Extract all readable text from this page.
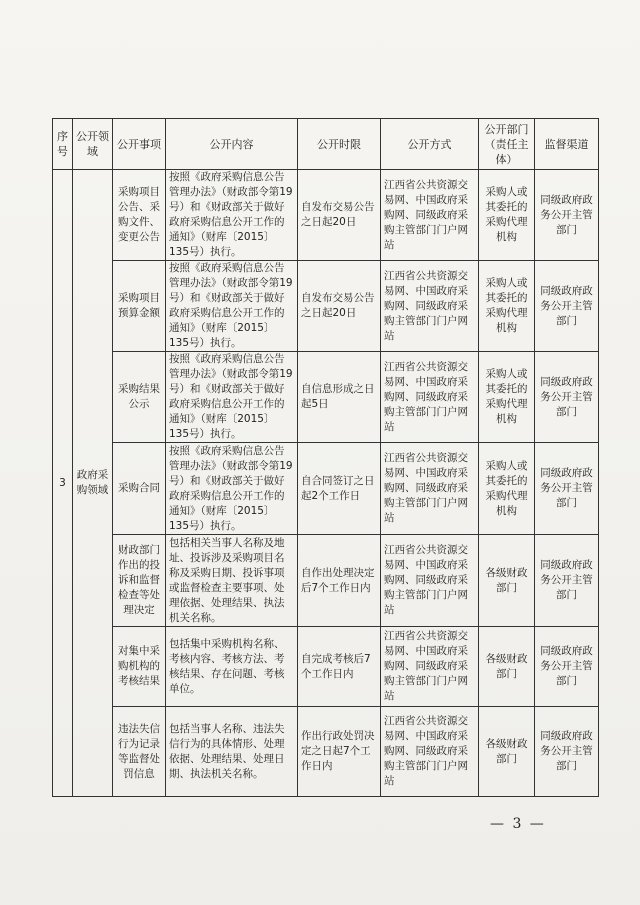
序号	公开领域	公开事项	公开内容	公开时限	公开方式	公开部门（责任主体）	监督渠道
3	政府采购领域	采购项目公告、采购文件、变更公告	按照《政府采购信息公告管理办法》（财政部令第19号）和《财政部关于做好政府采购信息公开工作的通知》（财库〔2015〕135号）执行。	自发布交易公告之日起20日	江西省公共资源交易网、中国政府采购网、同级政府采购主管部门门户网站	采购人或其委托的采购代理机构	同级政府政务公开主管部门
		采购项目预算金额	按照《政府采购信息公告管理办法》（财政部令第19号）和《财政部关于做好政府采购信息公开工作的通知》（财库〔2015〕135号）执行。	自发布交易公告之日起20日	江西省公共资源交易网、中国政府采购网、同级政府采购主管部门门户网站	采购人或其委托的采购代理机构	同级政府政务公开主管部门
		采购结果公示	按照《政府采购信息公告管理办法》（财政部令第19号）和《财政部关于做好政府采购信息公开工作的通知》（财库〔2015〕135号）执行。	自信息形成之日起5日	江西省公共资源交易网、中国政府采购网、同级政府采购主管部门门户网站	采购人或其委托的采购代理机构	同级政府政务公开主管部门
		采购合同	按照《政府采购信息公告管理办法》（财政部令第19号）和《财政部关于做好政府采购信息公开工作的通知》（财库〔2015〕135号）执行。	自合同签订之日起2个工作日	江西省公共资源交易网、中国政府采购网、同级政府采购主管部门门户网站	采购人或其委托的采购代理机构	同级政府政务公开主管部门
		财政部门作出的投诉和监督检查等处理决定	包括相关当事人名称及地址、投诉涉及采购项目名称及采购日期、投诉事项或监督检查主要事项、处理依据、处理结果、执法机关名称。	自作出处理决定后7个工作日内	江西省公共资源交易网、中国政府采购网、同级政府采购主管部门门户网站	各级财政部门	同级政府政务公开主管部门
		对集中采购机构的考核结果	包括集中采购机构名称、考核内容、考核方法、考核结果、存在问题、考核单位。	自完成考核后7个工作日内	江西省公共资源交易网、中国政府采购网、同级政府采购主管部门门户网站	各级财政部门	同级政府政务公开主管部门
		违法失信行为记录等监督处罚信息	包括当事人名称、违法失信行为的具体情形、处理依据、处理结果、处理日期、执法机关名称。	作出行政处罚决定之日起7个工作日内	江西省公共资源交易网、中国政府采购网、同级政府采购主管部门门户网站	各级财政部门	同级政府政务公开主管部门
— 3 —
